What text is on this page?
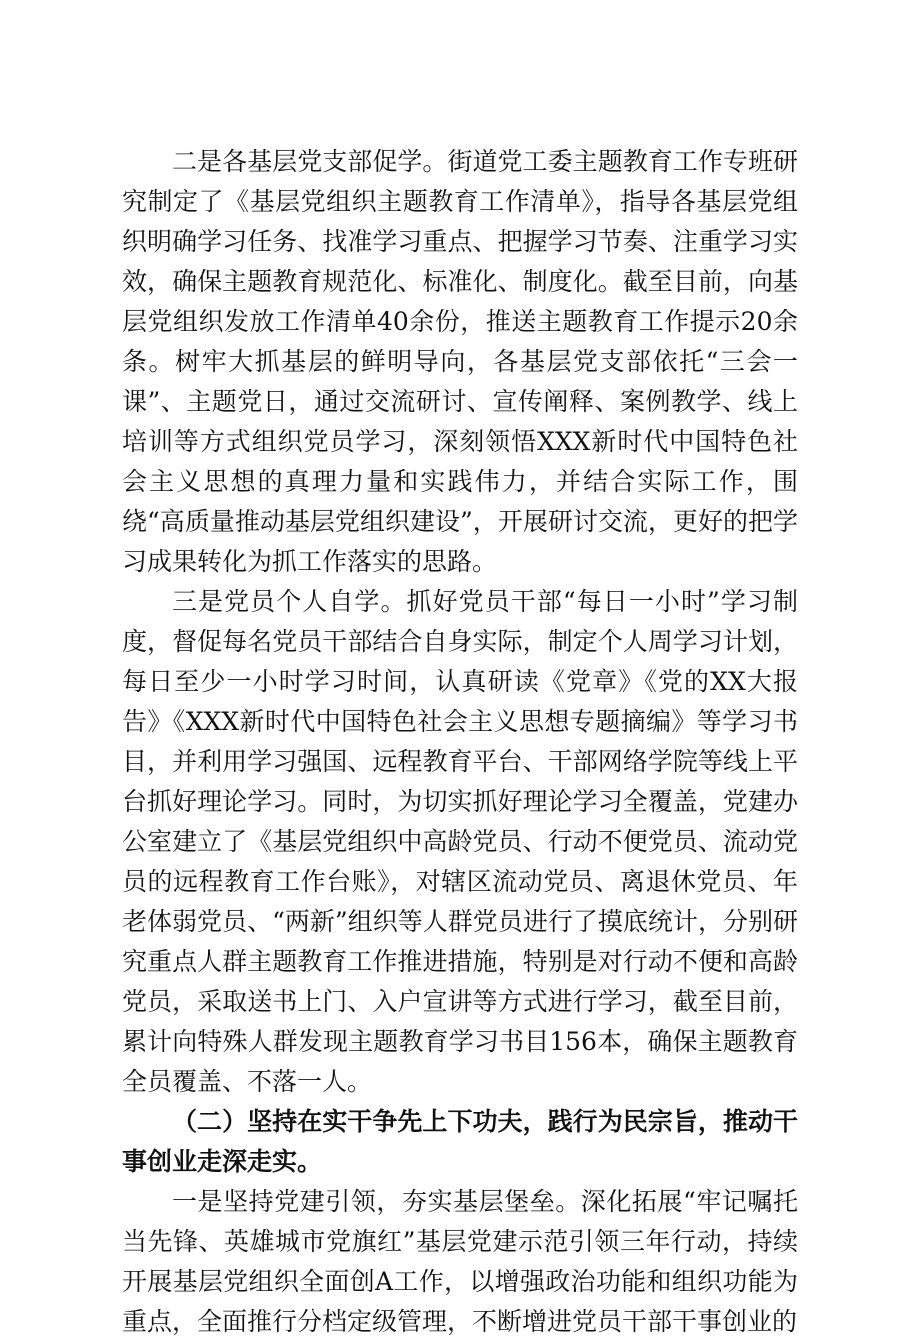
二是各基层党支部促学。街道党工委主题教育工作专班研究制定了《基层党组织主题教育工作清单》，指导各基层党组织明确学习任务、找准学习重点、把握学习节奏、注重学习实效，确保主题教育规范化、标准化、制度化。截至目前，向基层党组织发放工作清单40余份，推送主题教育工作提示20余条。树牢大抓基层的鲜明导向，各基层党支部依托“三会一课”、主题党日，通过交流研讨、宣传阐释、案例教学、线上培训等方式组织党员学习，深刻领悟XXX新时代中国特色社会主义思想的真理力量和实践伟力，并结合实际工作，围绕“高质量推动基层党组织建设”，开展研讨交流，更好的把学习成果转化为抓工作落实的思路。

三是党员个人自学。抓好党员干部“每日一小时”学习制度，督促每名党员干部结合自身实际，制定个人周学习计划，每日至少一小时学习时间，认真研读《党章》《党的XX大报告》《XXX新时代中国特色社会主义思想专题摘编》等学习书目，并利用学习强国、远程教育平台、干部网络学院等线上平台抓好理论学习。同时，为切实抓好理论学习全覆盖，党建办公室建立了《基层党组织中高龄党员、行动不便党员、流动党员的远程教育工作台账》，对辖区流动党员、离退休党员、年老体弱党员、“两新”组织等人群党员进行了摸底统计，分别研究重点人群主题教育工作推进措施，特别是对行动不便和高龄党员，采取送书上门、入户宣讲等方式进行学习，截至目前，累计向特殊人群发现主题教育学习书目156本，确保主题教育全员覆盖、不落一人。

（二）坚持在实干争先上下功夫，践行为民宗旨，推动干事创业走深走实。

一是坚持党建引领，夯实基层堡垒。深化拓展“牢记嘱托当先锋、英雄城市党旗红”基层党建示范引领三年行动，持续开展基层党组织全面创A工作，以增强政治功能和组织功能为重点，全面推行分档定级管理，不断增进党员干部干事创业的
